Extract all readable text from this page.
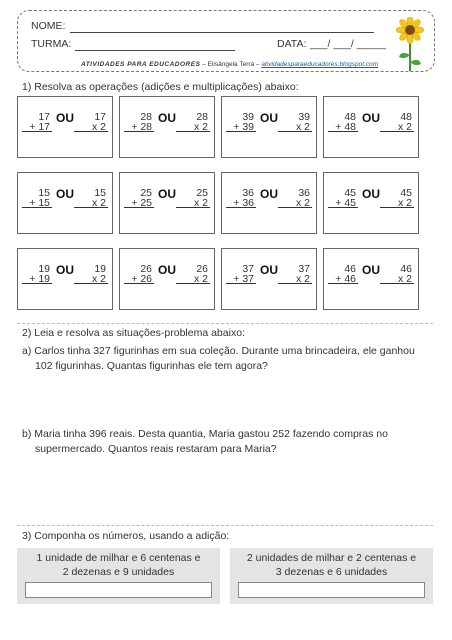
NOME:
TURMA:	DATA: ___/ ___/ _____
ATIVIDADES PARA EDUCADORES – Elisângela Terra – atividadesparaeducadores.blogspot.com
1) Resolva as operações (adições e multiplicações) abaixo:
17
+ 17
OU 17
x 2
28
+ 28
OU 28
x 2
39
+ 39
OU 39
x 2
48
+ 48
OU 48
x 2
15
+ 15
OU 15
x 2
25
+ 25
OU 25
x 2
36
+ 36
OU 36
x 2
45
+ 45
OU 45
x 2
19
+ 19
OU 19
x 2
26
+ 26
OU 26
x 2
37
+ 37
OU 37
x 2
46
+ 46
OU 46
x 2
2) Leia e resolva as situações-problema abaixo:
a) Carlos tinha 327 figurinhas em sua coleção. Durante uma brincadeira, ele ganhou
102 figurinhas. Quantas figurinhas ele tem agora?
b) Maria tinha 396 reais. Desta quantia, Maria gastou 252 fazendo compras no
supermercado. Quantos reais restaram para Maria?
3) Componha os números, usando a adição:
1 unidade de milhar e 6 centenas e
2 dezenas e 9 unidades
2 unidades de milhar e 2 centenas e
3 dezenas e 6 unidades
